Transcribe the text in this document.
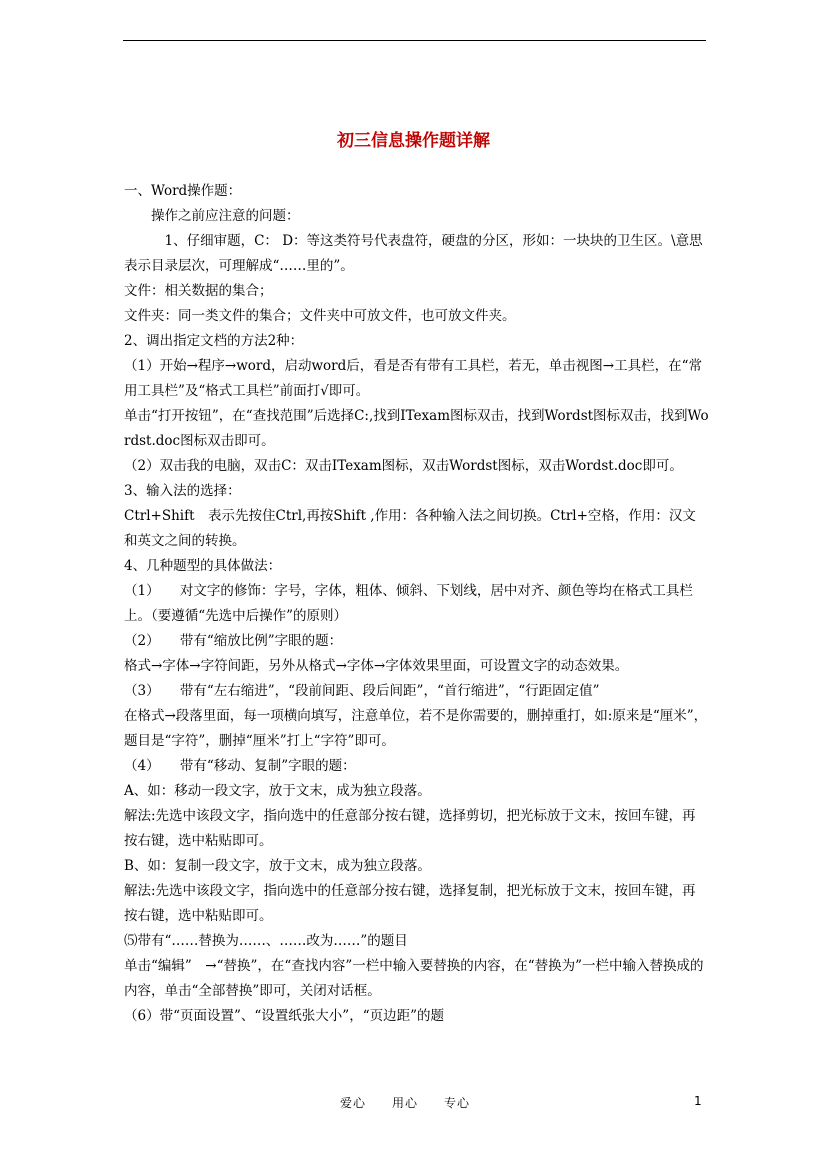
初三信息操作题详解

一、Word操作题：

　　操作之前应注意的问题：

　　　1、仔细审题，C： D：等这类符号代表盘符，硬盘的分区，形如：一块块的卫生区。\意思表示目录层次，可理解成“……里的”。

文件：相关数据的集合；

文件夹：同一类文件的集合；文件夹中可放文件，也可放文件夹。

2、调出指定文档的方法2种：

（1）开始→程序→word，启动word后，看是否有带有工具栏，若无，单击视图→工具栏，在“常用工具栏”及“格式工具栏”前面打√即可。

单击“打开按钮”，在“查找范围”后选择C:,找到ITexam图标双击，找到Wordst图标双击，找到Wordst.doc图标双击即可。

（2）双击我的电脑，双击C：双击ITexam图标，双击Wordst图标，双击Wordst.doc即可。

3、输入法的选择：

Ctrl+Shift　表示先按住Ctrl,再按Shift ,作用：各种输入法之间切换。Ctrl+空格，作用：汉文和英文之间的转换。

4、几种题型的具体做法：

（1）　　对文字的修饰：字号，字体，粗体、倾斜、下划线，居中对齐、颜色等均在格式工具栏上。（要遵循“先选中后操作”的原则）

（2）　　带有“缩放比例”字眼的题：

格式→字体→字符间距，另外从格式→字体→字体效果里面，可设置文字的动态效果。

（3）　　带有“左右缩进”，“段前间距、段后间距”，“首行缩进”，“行距固定值”

在格式→段落里面，每一项横向填写，注意单位，若不是你需要的，删掉重打，如:原来是“厘米”，题目是“字符”，删掉“厘米”打上“字符”即可。

（4）　　带有“移动、复制”字眼的题：

A、如：移动一段文字，放于文末，成为独立段落。

解法:先选中该段文字，指向选中的任意部分按右键，选择剪切，把光标放于文末，按回车键，再按右键，选中粘贴即可。

B、如：复制一段文字，放于文末，成为独立段落。

解法:先选中该段文字，指向选中的任意部分按右键，选择复制，把光标放于文末，按回车键，再按右键，选中粘贴即可。

⑸带有“……替换为……、……改为……”的题目

单击“编辑”　→“替换”，在“查找内容”一栏中输入要替换的内容，在“替换为”一栏中输入替换成的内容，单击“全部替换”即可，关闭对话框。

（6）带“页面设置”、“设置纸张大小”，“页边距”的题

爱心　　用心　　专心	1
